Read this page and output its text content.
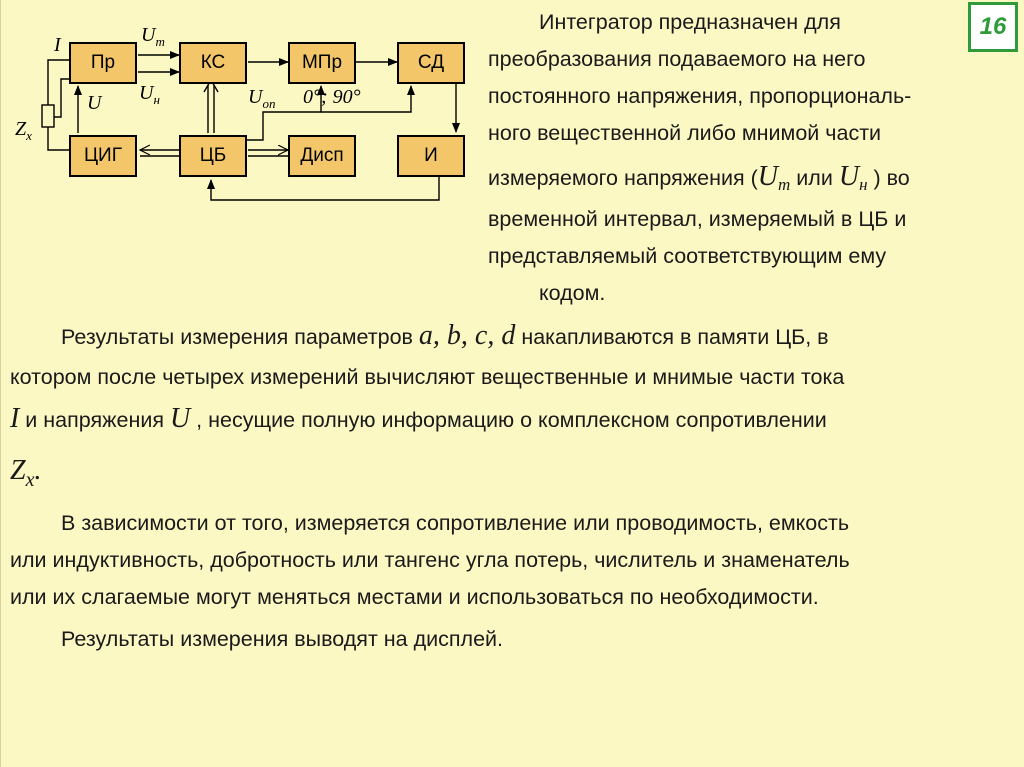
16
Пр	КС	МПр	СД
ЦИГ	ЦБ	Дисп	И
I
U
$U_m$
$U_н$	$U_{оп}$ 0°; 90°
$Z_x$
Интегратор предназначен для
преобразования подаваемого на него
постоянного напряжения, пропорциональ-
ного вещественной либо мнимой части
измеряемого напряжения ($U_m$ или $U_н$ ) во
временной интервал, измеряемый в ЦБ и
представляемый соответствующим ему
кодом.
Результаты измерения параметров a, b, c, d накапливаются в памяти ЦБ, в
котором после четырех измерений вычисляют вещественные и мнимые части тока
I и напряжения U , несущие полную информацию о комплексном сопротивлении
Zx.
В зависимости от того, измеряется сопротивление или проводимость, емкость
или индуктивность, добротность или тангенс угла потерь, числитель и знаменатель
или их слагаемые могут меняться местами и использоваться по необходимости.
Результаты измерения выводят на дисплей.
